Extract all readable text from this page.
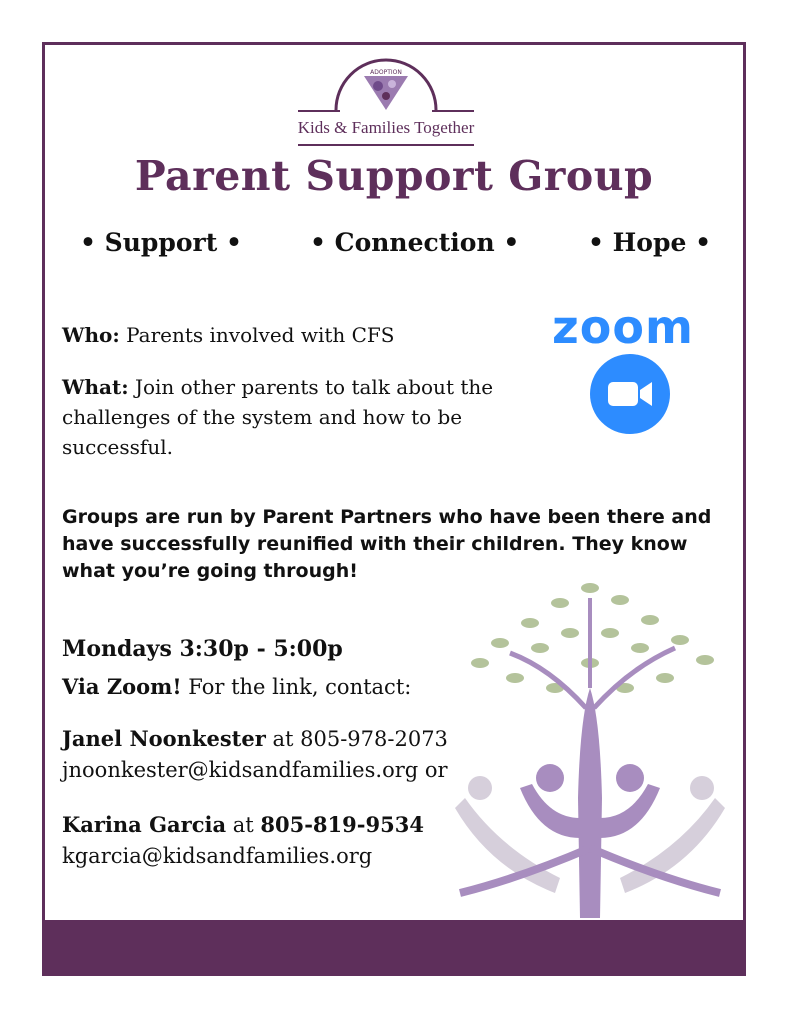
ADOPTION
Kids & Families Together
Parent Support Group
• Support •	• Connection •	• Hope •
zoom
Who: Parents involved with CFS
What: Join other parents to talk about the challenges of the system and how to be successful.
Groups are run by Parent Partners who have been there and have successfully reunified with their children. They know what you’re going through!
Mondays 3:30p - 5:00p
Via Zoom! For the link, contact:
Janel Noonkester at 805-978-2073
jnoonkester@kidsandfamilies.org or
Karina Garcia at 805-819-9534
kgarcia@kidsandfamilies.org
